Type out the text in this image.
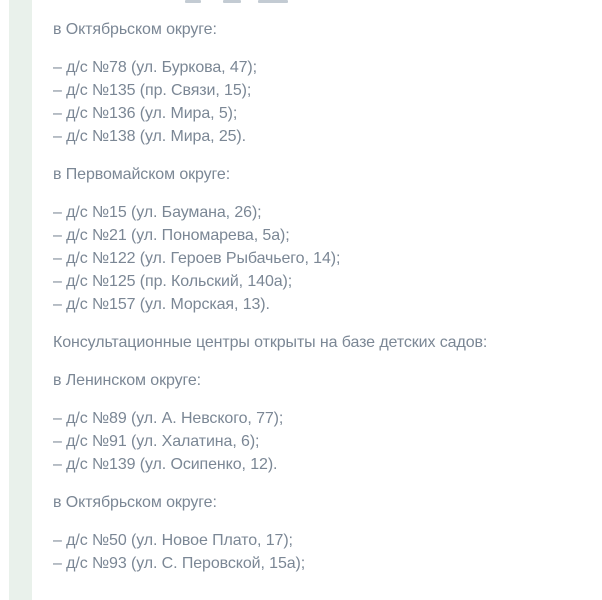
в Октябрьском округе:

– д/с №78 (ул. Буркова, 47);
– д/с №135 (пр. Связи, 15);
– д/с №136 (ул. Мира, 5);
– д/с №138 (ул. Мира, 25).

в Первомайском округе:

– д/с №15 (ул. Баумана, 26);
– д/с №21 (ул. Пономарева, 5а);
– д/с №122 (ул. Героев Рыбачьего, 14);
– д/с №125 (пр. Кольский, 140а);
– д/с №157 (ул. Морская, 13).

Консультационные центры открыты на базе детских садов:

в Ленинском округе:

– д/с №89 (ул. А. Невского, 77);
– д/с №91 (ул. Халатина, 6);
– д/с №139 (ул. Осипенко, 12).

в Октябрьском округе:

– д/с №50 (ул. Новое Плато, 17);
– д/с №93 (ул. С. Перовской, 15а);
